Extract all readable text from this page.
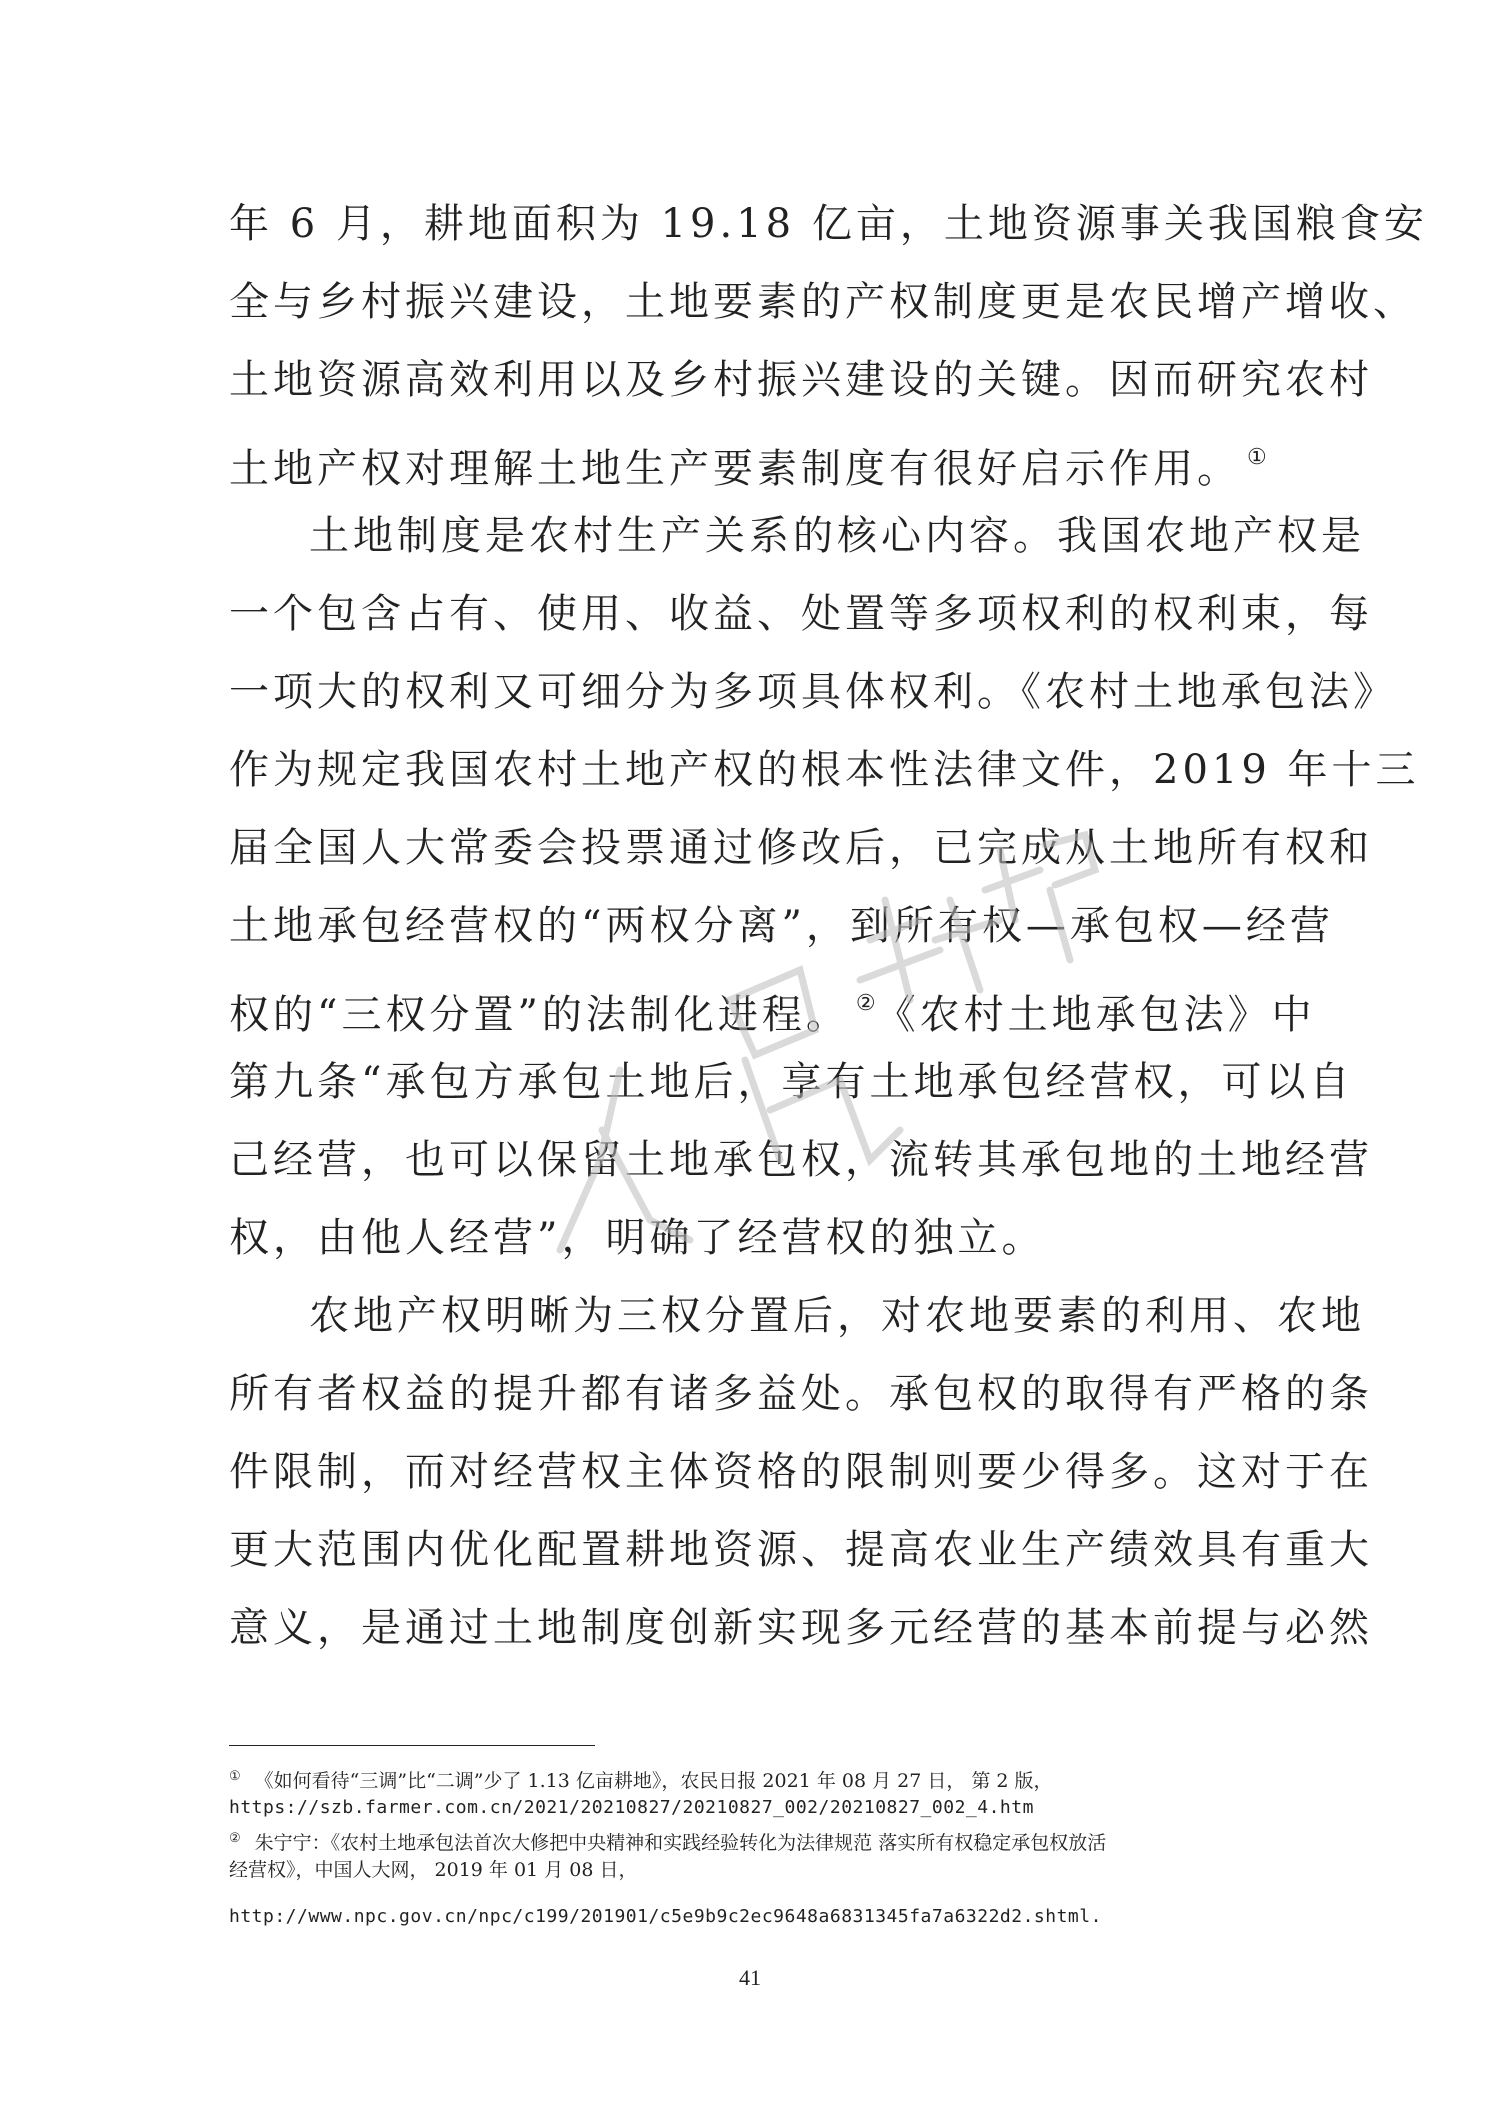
年 6 月，耕地面积为 19.18 亿亩，土地资源事关我国粮食安
全与乡村振兴建设，土地要素的产权制度更是农民增产增收、
土地资源高效利用以及乡村振兴建设的关键。因而研究农村
土地产权对理解土地生产要素制度有很好启示作用。 ①
土地制度是农村生产关系的核心内容。我国农地产权是
一个包含占有、使用、收益、处置等多项权利的权利束，每
一项大的权利又可细分为多项具体权利。《农村土地承包法》
作为规定我国农村土地产权的根本性法律文件，2019 年十三
届全国人大常委会投票通过修改后，已完成从土地所有权和
土地承包经营权的“两权分离”，到所有权—承包权—经营
权的“三权分置”的法制化进程。 ②《农村土地承包法》中
第九条“承包方承包土地后，享有土地承包经营权，可以自
己经营，也可以保留土地承包权，流转其承包地的土地经营
权，由他人经营”，明确了经营权的独立。
农地产权明晰为三权分置后，对农地要素的利用、农地
所有者权益的提升都有诸多益处。承包权的取得有严格的条
件限制，而对经营权主体资格的限制则要少得多。这对于在
更大范围内优化配置耕地资源、提高农业生产绩效具有重大
意义，是通过土地制度创新实现多元经营的基本前提与必然
① 《如何看待“三调”比“二调”少了 1.13 亿亩耕地》，农民日报 2021 年 08 月 27 日， 第 2 版，
https://szb.farmer.com.cn/2021/20210827/20210827_002/20210827_002_4.htm
② 朱宁宁：《农村土地承包法首次大修把中央精神和实践经验转化为法律规范 落实所有权稳定承包权放活
经营权》，中国人大网， 2019 年 01 月 08 日，
http://www.npc.gov.cn/npc/c199/201901/c5e9b9c2ec9648a6831345fa7a6322d2.shtml.
41
